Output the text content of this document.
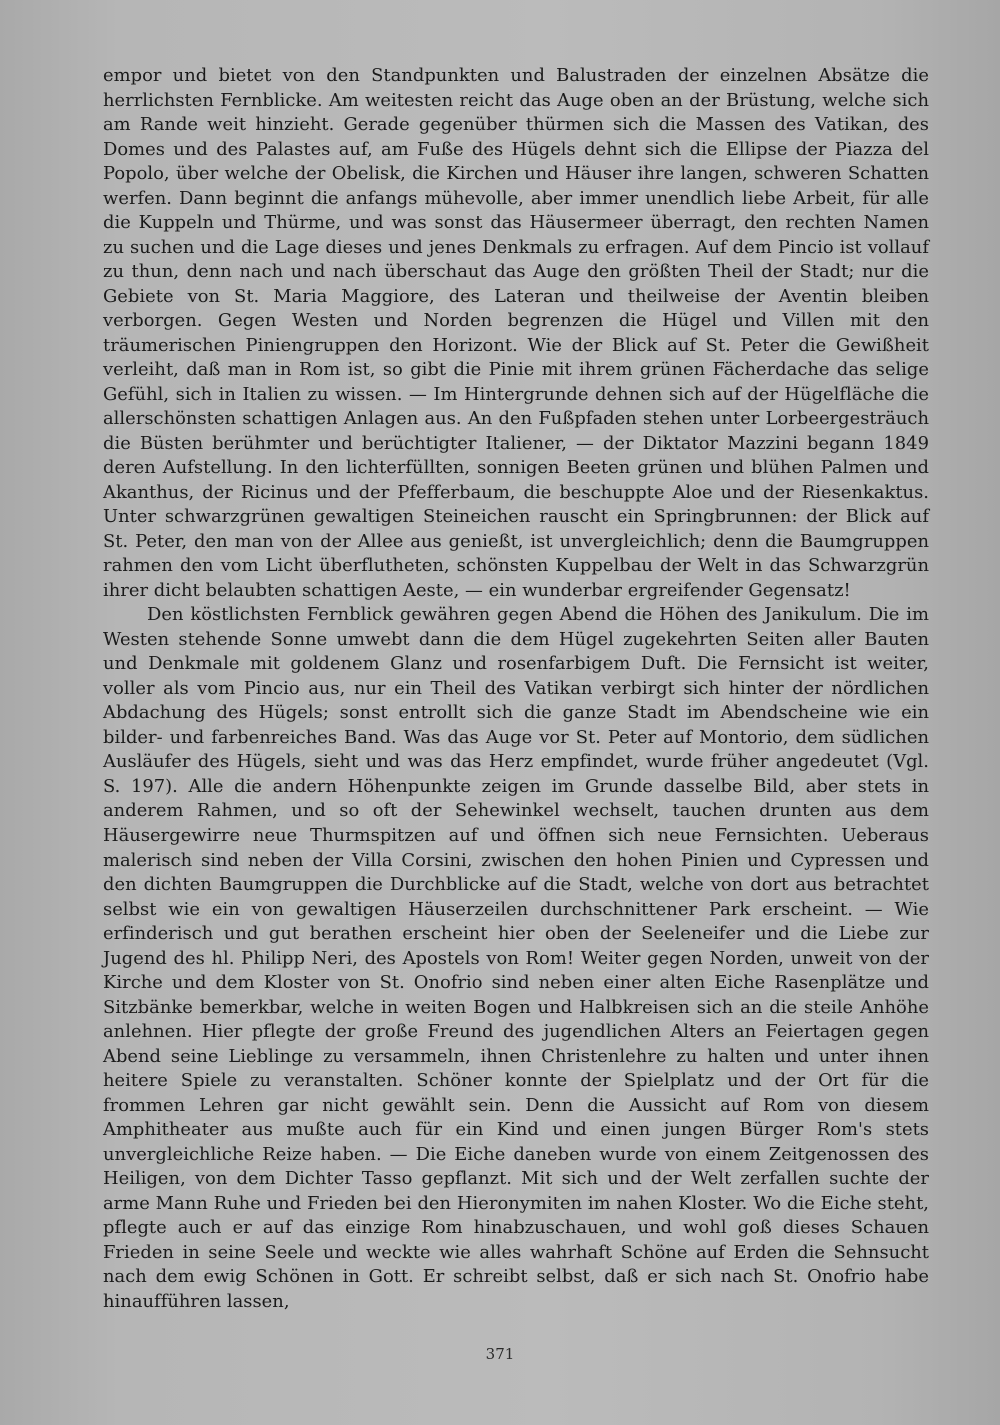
empor und bietet von den Standpunkten und Balustraden der einzelnen Absätze die herrlichsten Fernblicke. Am weitesten reicht das Auge oben an der Brüstung, welche sich am Rande weit hinzieht. Gerade gegenüber thürmen sich die Massen des Vatikan, des Domes und des Palastes auf, am Fuße des Hügels dehnt sich die Ellipse der Piazza del Popolo, über welche der Obelisk, die Kirchen und Häuser ihre langen, schweren Schatten werfen. Dann beginnt die anfangs mühevolle, aber immer unendlich liebe Arbeit, für alle die Kuppeln und Thürme, und was sonst das Häusermeer überragt, den rechten Namen zu suchen und die Lage dieses und jenes Denkmals zu erfragen. Auf dem Pincio ist vollauf zu thun, denn nach und nach überschaut das Auge den größten Theil der Stadt; nur die Gebiete von St. Maria Maggiore, des Lateran und theilweise der Aventin bleiben verborgen. Gegen Westen und Norden begrenzen die Hügel und Villen mit den träumerischen Piniengruppen den Horizont. Wie der Blick auf St. Peter die Gewißheit verleiht, daß man in Rom ist, so gibt die Pinie mit ihrem grünen Fächerdache das selige Gefühl, sich in Italien zu wissen. — Im Hintergrunde dehnen sich auf der Hügelfläche die allerschönsten schattigen Anlagen aus. An den Fußpfaden stehen unter Lorbeergesträuch die Büsten berühmter und berüchtigter Italiener, — der Diktator Mazzini begann 1849 deren Aufstellung. In den lichterfüllten, sonnigen Beeten grünen und blühen Palmen und Akanthus, der Ricinus und der Pfefferbaum, die beschuppte Aloe und der Riesenkaktus. Unter schwarzgrünen gewaltigen Steineichen rauscht ein Springbrunnen: der Blick auf St. Peter, den man von der Allee aus genießt, ist unvergleichlich; denn die Baumgruppen rahmen den vom Licht überflutheten, schönsten Kuppelbau der Welt in das Schwarzgrün ihrer dicht belaubten schattigen Aeste, — ein wunderbar ergreifender Gegensatz!

Den köstlichsten Fernblick gewähren gegen Abend die Höhen des Janikulum. Die im Westen stehende Sonne umwebt dann die dem Hügel zugekehrten Seiten aller Bauten und Denkmale mit goldenem Glanz und rosenfarbigem Duft. Die Fernsicht ist weiter, voller als vom Pincio aus, nur ein Theil des Vatikan verbirgt sich hinter der nördlichen Abdachung des Hügels; sonst entrollt sich die ganze Stadt im Abendscheine wie ein bilder- und farbenreiches Band. Was das Auge vor St. Peter auf Montorio, dem südlichen Ausläufer des Hügels, sieht und was das Herz empfindet, wurde früher angedeutet (Vgl. S. 197). Alle die andern Höhenpunkte zeigen im Grunde dasselbe Bild, aber stets in anderem Rahmen, und so oft der Sehewinkel wechselt, tauchen drunten aus dem Häusergewirre neue Thurmspitzen auf und öffnen sich neue Fernsichten. Ueberaus malerisch sind neben der Villa Corsini, zwischen den hohen Pinien und Cypressen und den dichten Baumgruppen die Durchblicke auf die Stadt, welche von dort aus betrachtet selbst wie ein von gewaltigen Häuserzeilen durchschnittener Park erscheint. — Wie erfinderisch und gut berathen erscheint hier oben der Seeleneifer und die Liebe zur Jugend des hl. Philipp Neri, des Apostels von Rom! Weiter gegen Norden, unweit von der Kirche und dem Kloster von St. Onofrio sind neben einer alten Eiche Rasenplätze und Sitzbänke bemerkbar, welche in weiten Bogen und Halbkreisen sich an die steile Anhöhe anlehnen. Hier pflegte der große Freund des jugendlichen Alters an Feiertagen gegen Abend seine Lieblinge zu versammeln, ihnen Christenlehre zu halten und unter ihnen heitere Spiele zu veranstalten. Schöner konnte der Spielplatz und der Ort für die frommen Lehren gar nicht gewählt sein. Denn die Aussicht auf Rom von diesem Amphitheater aus mußte auch für ein Kind und einen jungen Bürger Rom's stets unvergleichliche Reize haben. — Die Eiche daneben wurde von einem Zeitgenossen des Heiligen, von dem Dichter Tasso gepflanzt. Mit sich und der Welt zerfallen suchte der arme Mann Ruhe und Frieden bei den Hieronymiten im nahen Kloster. Wo die Eiche steht, pflegte auch er auf das einzige Rom hinabzuschauen, und wohl goß dieses Schauen Frieden in seine Seele und weckte wie alles wahrhaft Schöne auf Erden die Sehnsucht nach dem ewig Schönen in Gott. Er schreibt selbst, daß er sich nach St. Onofrio habe hinaufführen lassen,

371
